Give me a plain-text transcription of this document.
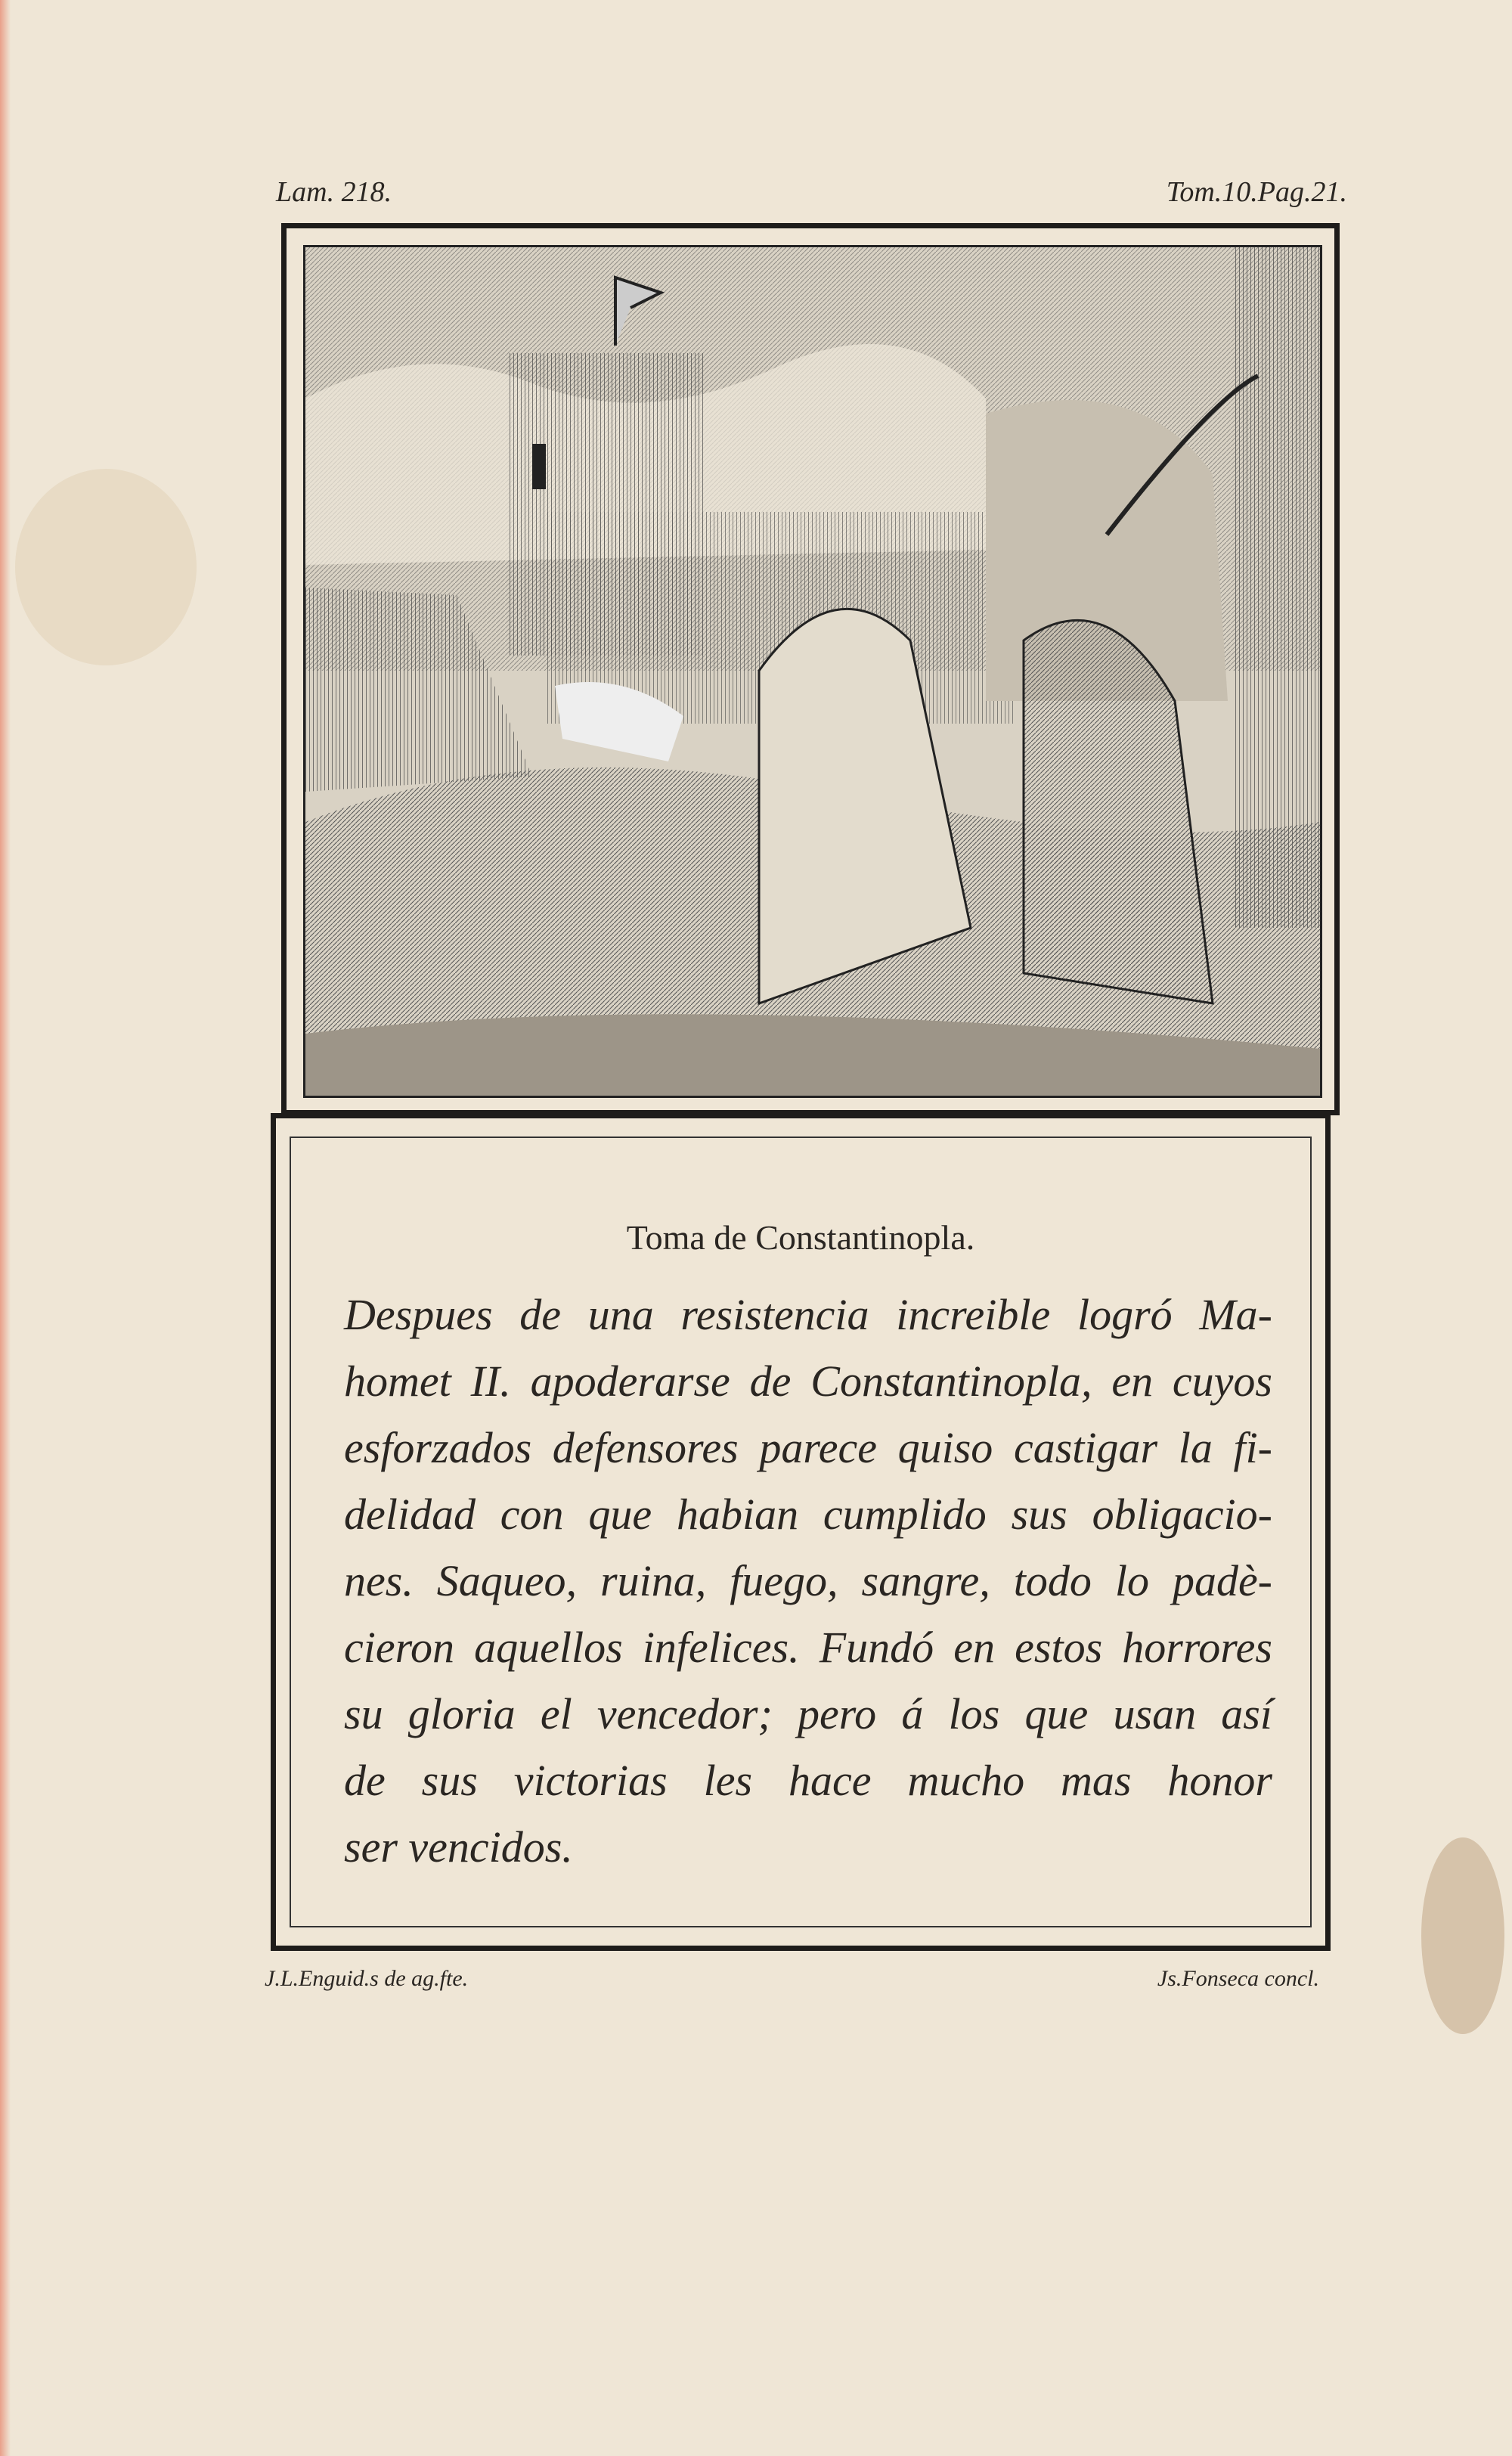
Lam. 218.	Tom.10.Pag.21.
Toma de Constantinopla.
Despues de una resistencia increible logró Ma-
homet II. apoderarse de Constantinopla, en cuyos
esforzados defensores parece quiso castigar la fi-
delidad con que habian cumplido sus obligacio-
nes. Saqueo, ruina, fuego, sangre, todo lo padè-
cieron aquellos infelices. Fundó en estos horrores
su gloria el vencedor; pero á los que usan así
de sus victorias les hace mucho mas honor
ser vencidos.
J.L.Enguid.s de ag.fte.	Js.Fonseca concl.
